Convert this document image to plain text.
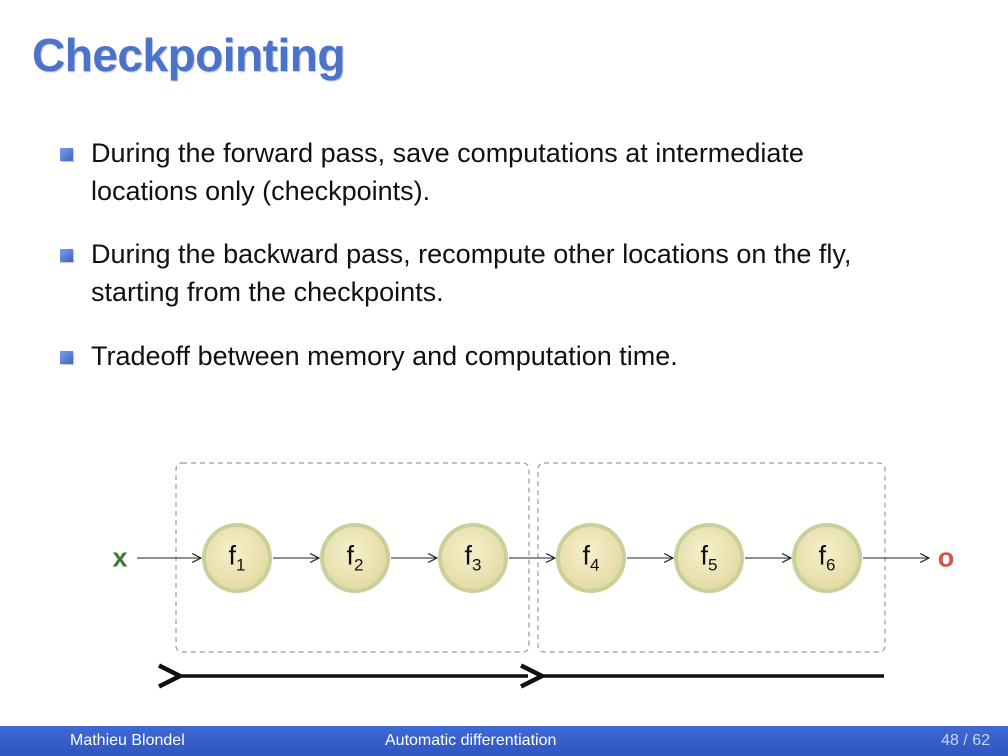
Checkpointing
During the forward pass, save computations at intermediate
locations only (checkpoints).
During the backward pass, recompute other locations on the fly,
starting from the checkpoints.
Tradeoff between memory and computation time.
x	o
$f_1$	$f_2$	$f_3$	$f_4$	$f_5$	$f_6$
Mathieu Blondel	Automatic differentiation	48 / 62
